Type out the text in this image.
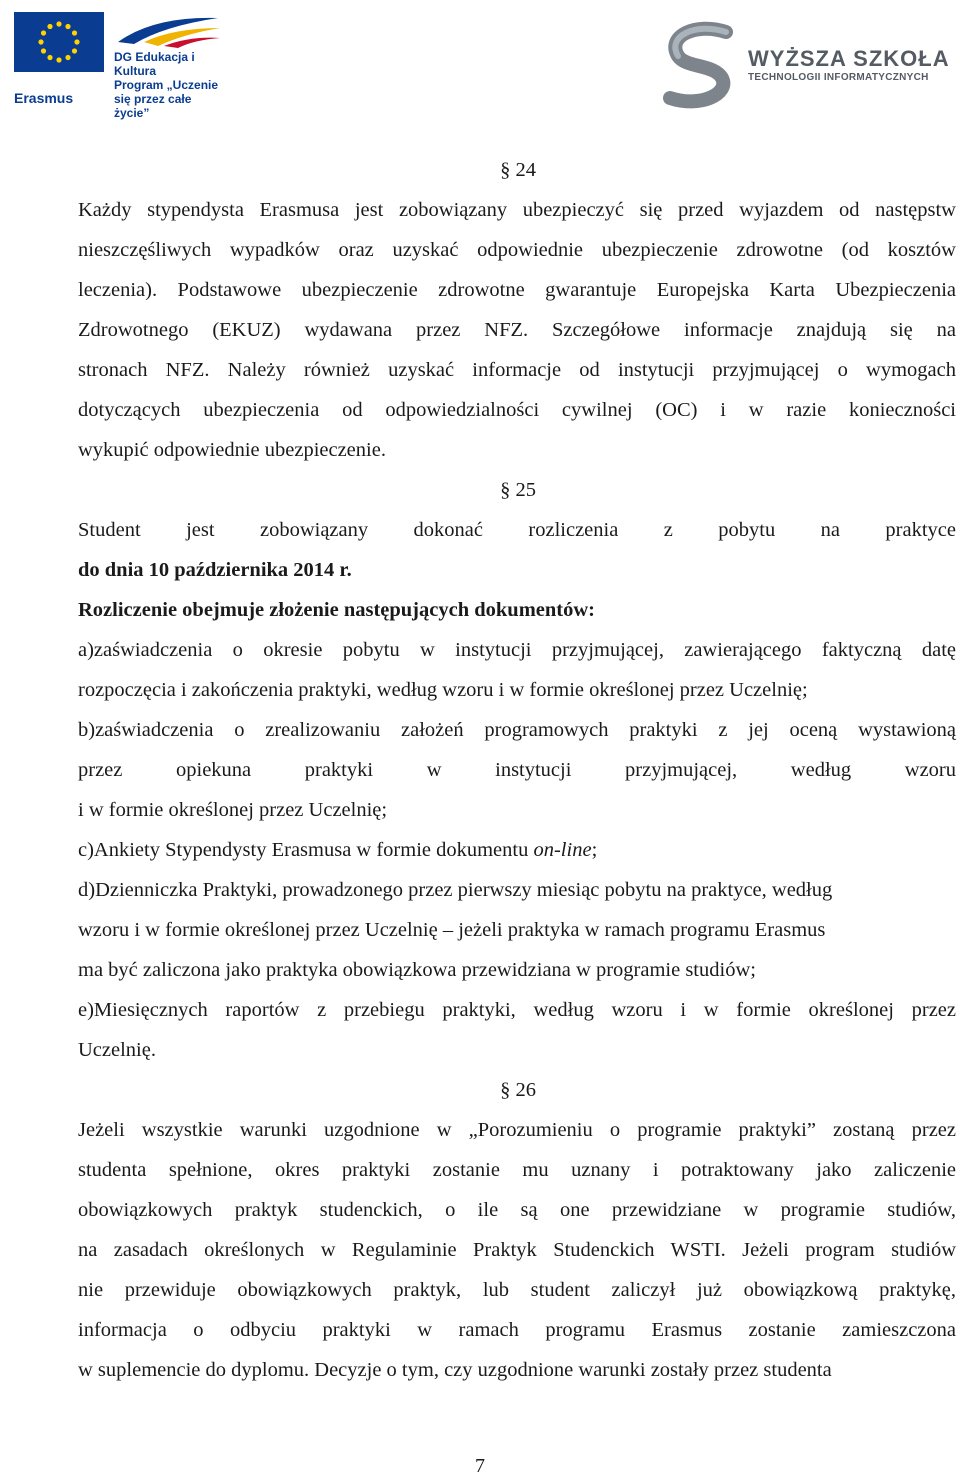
DG Edukacja i Kultura
Program „Uczenie się przez całe życie”
Erasmus
WYŻSZA SZKOŁA
TECHNOLOGII INFORMATYCZNYCH
§ 24
Każdy stypendysta Erasmusa jest zobowiązany ubezpieczyć się przed wyjazdem od następstw
nieszczęśliwych wypadków oraz uzyskać odpowiednie ubezpieczenie zdrowotne (od kosztów
leczenia). Podstawowe ubezpieczenie zdrowotne gwarantuje Europejska Karta Ubezpieczenia
Zdrowotnego (EKUZ) wydawana przez NFZ. Szczegółowe informacje znajdują się na
stronach NFZ. Należy również uzyskać informacje od instytucji przyjmującej o wymogach
dotyczących ubezpieczenia od odpowiedzialności cywilnej (OC) i w razie konieczności
wykupić odpowiednie ubezpieczenie.
§ 25
Student jest zobowiązany dokonać rozliczenia z pobytu na praktyce
do dnia 10 października 2014 r.
Rozliczenie obejmuje złożenie następujących dokumentów:
a)zaświadczenia o okresie pobytu w instytucji przyjmującej, zawierającego faktyczną datę
rozpoczęcia i zakończenia praktyki, według wzoru i w formie określonej przez Uczelnię;
b)zaświadczenia o zrealizowaniu założeń programowych praktyki z jej oceną wystawioną
przez opiekuna praktyki w instytucji przyjmującej, według wzoru
i w formie określonej przez Uczelnię;
c)Ankiety Stypendysty Erasmusa w formie dokumentu on-line;
d)Dzienniczka Praktyki, prowadzonego przez pierwszy miesiąc pobytu na praktyce, według
wzoru i w formie określonej przez Uczelnię – jeżeli praktyka w ramach programu Erasmus
ma być zaliczona jako praktyka obowiązkowa przewidziana w programie studiów;
e)Miesięcznych raportów z przebiegu praktyki, według wzoru i w formie określonej przez
Uczelnię.
§ 26
Jeżeli wszystkie warunki uzgodnione w „Porozumieniu o programie praktyki” zostaną przez
studenta spełnione, okres praktyki zostanie mu uznany i potraktowany jako zaliczenie
obowiązkowych praktyk studenckich, o ile są one przewidziane w programie studiów,
na zasadach określonych w Regulaminie Praktyk Studenckich WSTI. Jeżeli program studiów
nie przewiduje obowiązkowych praktyk, lub student zaliczył już obowiązkową praktykę,
informacja o odbyciu praktyki w ramach programu Erasmus zostanie zamieszczona
w suplemencie do dyplomu. Decyzje o tym, czy uzgodnione warunki zostały przez studenta
7
